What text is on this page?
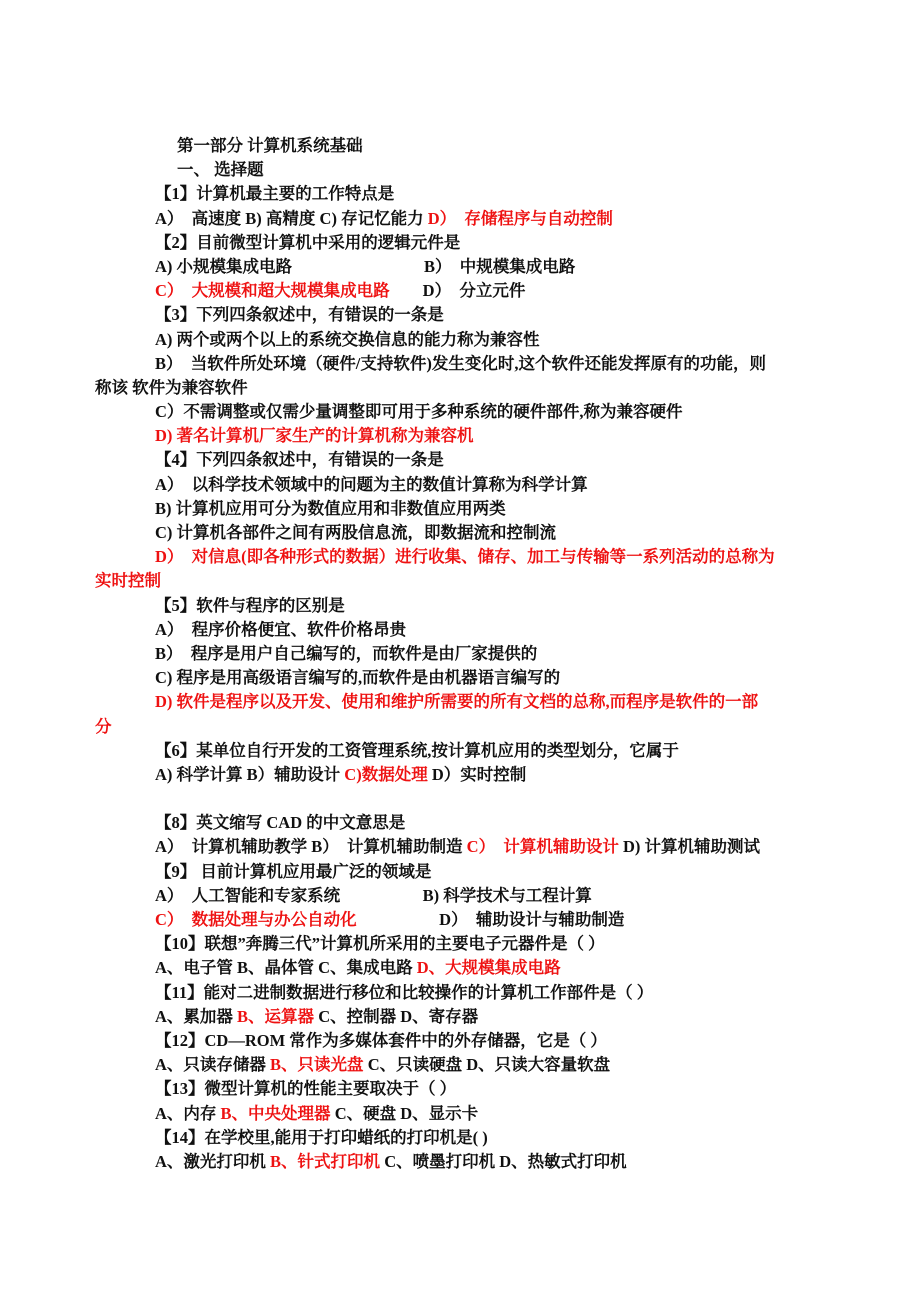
第一部分 计算机系统基础
一、 选择题
【1】计算机最主要的工作特点是
A）  高速度 B) 高精度 C) 存记忆能力 D）　存储程序与自动控制
【2】目前微型计算机中采用的逻辑元件是
A) 小规模集成电路　　　　　　　　B）　中规模集成电路
C）　大规模和超大规模集成电路　　D）　分立元件
【3】下列四条叙述中，有错误的一条是
A) 两个或两个以上的系统交换信息的能力称为兼容性
B）　当软件所处环境（硬件/支持软件)发生变化时,这个软件还能发挥原有的功能，则
称该 软件为兼容软件
C）不需调整或仅需少量调整即可用于多种系统的硬件部件,称为兼容硬件
D) 著名计算机厂家生产的计算机称为兼容机
【4】下列四条叙述中，有错误的一条是
A）　以科学技术领域中的问题为主的数值计算称为科学计算
B) 计算机应用可分为数值应用和非数值应用两类
C) 计算机各部件之间有两股信息流，即数据流和控制流
D）　对信息(即各种形式的数据）进行收集、储存、加工与传输等一系列活动的总称为
实时控制
【5】软件与程序的区别是
A）　程序价格便宜、软件价格昂贵
B）　程序是用户自己编写的，而软件是由厂家提供的
C) 程序是用高级语言编写的,而软件是由机器语言编写的
D) 软件是程序以及开发、使用和维护所需要的所有文档的总称,而程序是软件的一部
分
【6】某单位自行开发的工资管理系统,按计算机应用的类型划分，它属于
A) 科学计算 B）辅助设计 C)数据处理 D）实时控制
【8】英文缩写 CAD 的中文意思是
A）　计算机辅助教学 B）　计算机辅助制造 C）　计算机辅助设计 D) 计算机辅助测试
【9】 目前计算机应用最广泛的领域是
A）　人工智能和专家系统　　　　　B) 科学技术与工程计算
C）　数据处理与办公自动化　　　　　D）　辅助设计与辅助制造
【10】联想”奔腾三代”计算机所采用的主要电子元器件是（ ）
A、电子管 B、晶体管 C、集成电路 D、大规模集成电路
【11】能对二进制数据进行移位和比较操作的计算机工作部件是（ ）
A、累加器 B、运算器 C、控制器 D、寄存器
【12】CD—ROM 常作为多媒体套件中的外存储器，它是（ ）
A、只读存储器 B、只读光盘 C、只读硬盘 D、只读大容量软盘
【13】微型计算机的性能主要取决于（ ）
A、内存 B、中央处理器 C、硬盘 D、显示卡
【14】在学校里,能用于打印蜡纸的打印机是( )
A、激光打印机 B、针式打印机 C、喷墨打印机 D、热敏式打印机
